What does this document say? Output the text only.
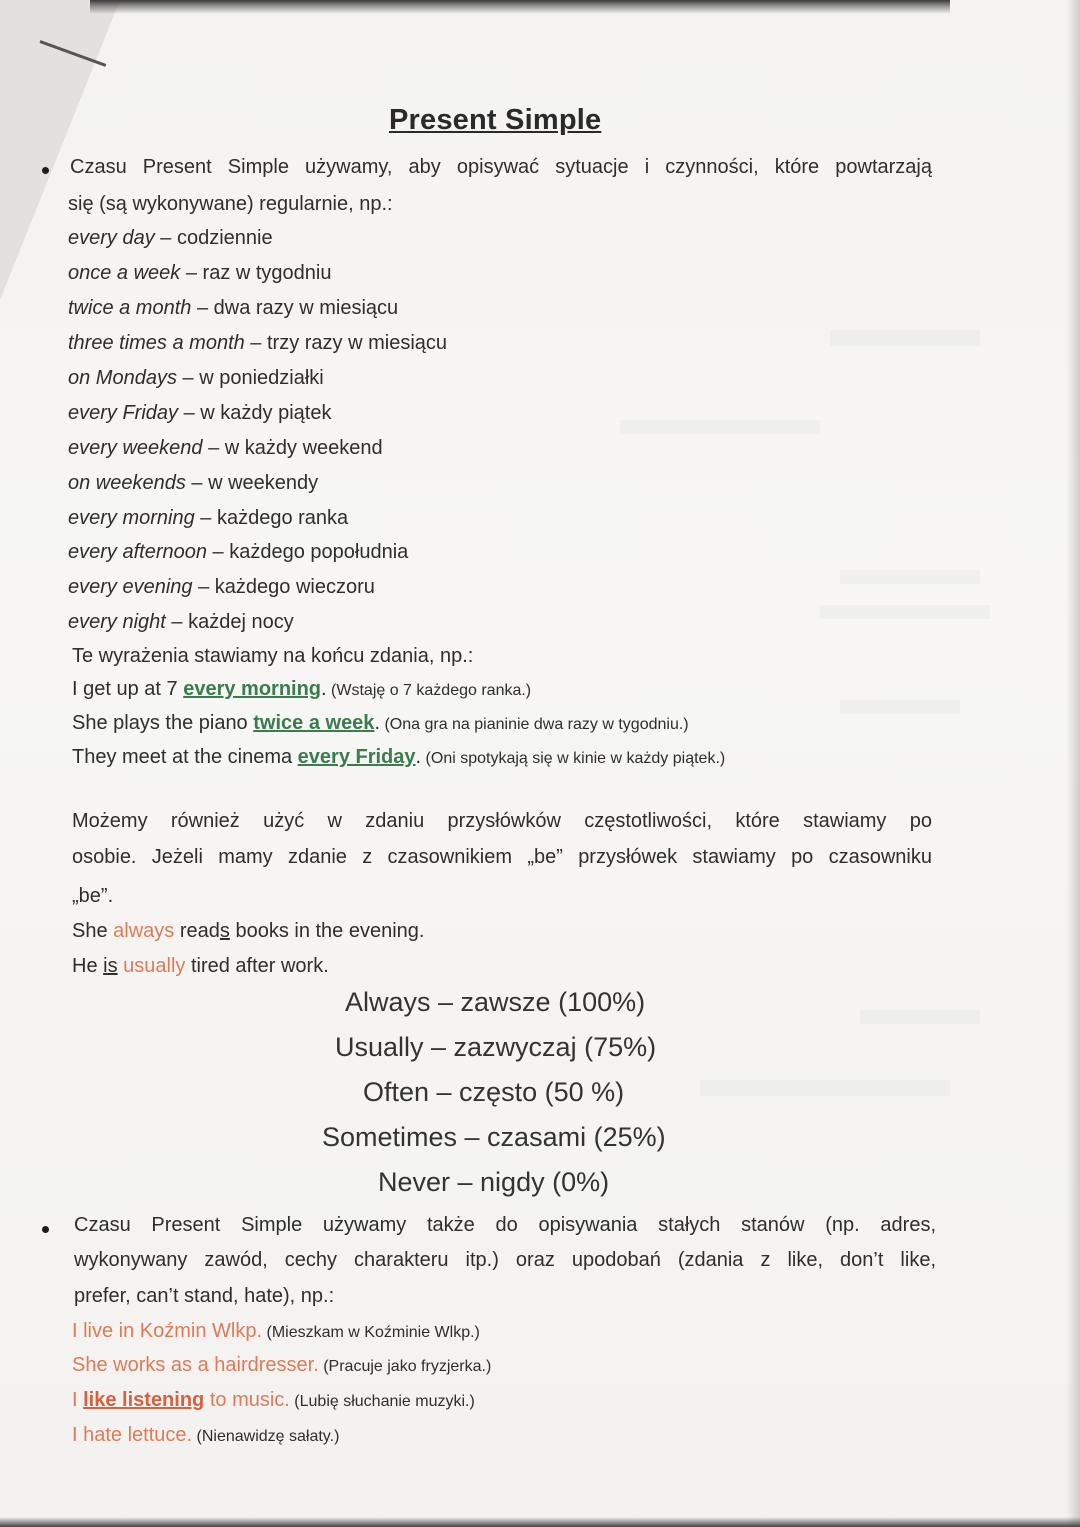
Present Simple
Czasu Present Simple używamy, aby opisywać sytuacje i czynności, które powtarzają
się (są wykonywane) regularnie, np.:
every day – codziennie
once a week – raz w tygodniu
twice a month – dwa razy w miesiącu
three times a month – trzy razy w miesiącu
on Mondays – w poniedziałki
every Friday – w każdy piątek
every weekend – w każdy weekend
on weekends – w weekendy
every morning – każdego ranka
every afternoon – każdego popołudnia
every evening – każdego wieczoru
every night – każdej nocy
Te wyrażenia stawiamy na końcu zdania, np.:
I get up at 7 every morning. (Wstaję o 7 każdego ranka.)
She plays the piano twice a week. (Ona gra na pianinie dwa razy w tygodniu.)
They meet at the cinema every Friday. (Oni spotykają się w kinie w każdy piątek.)
Możemy również użyć w zdaniu przysłówków częstotliwości, które stawiamy po
osobie. Jeżeli mamy zdanie z czasownikiem „be” przysłówek stawiamy po czasowniku
„be”.
She always reads books in the evening.
He is usually tired after work.
Always – zawsze (100%)
Usually – zazwyczaj (75%)
Often – często (50 %)
Sometimes – czasami (25%)
Never – nigdy (0%)
Czasu Present Simple używamy także do opisywania stałych stanów (np. adres,
wykonywany zawód, cechy charakteru itp.) oraz upodobań (zdania z like, don’t like,
prefer, can’t stand, hate), np.:
I live in Koźmin Wlkp. (Mieszkam w Koźminie Wlkp.)
She works as a hairdresser. (Pracuje jako fryzjerka.)
I like listening to music. (Lubię słuchanie muzyki.)
I hate lettuce. (Nienawidzę sałaty.)
